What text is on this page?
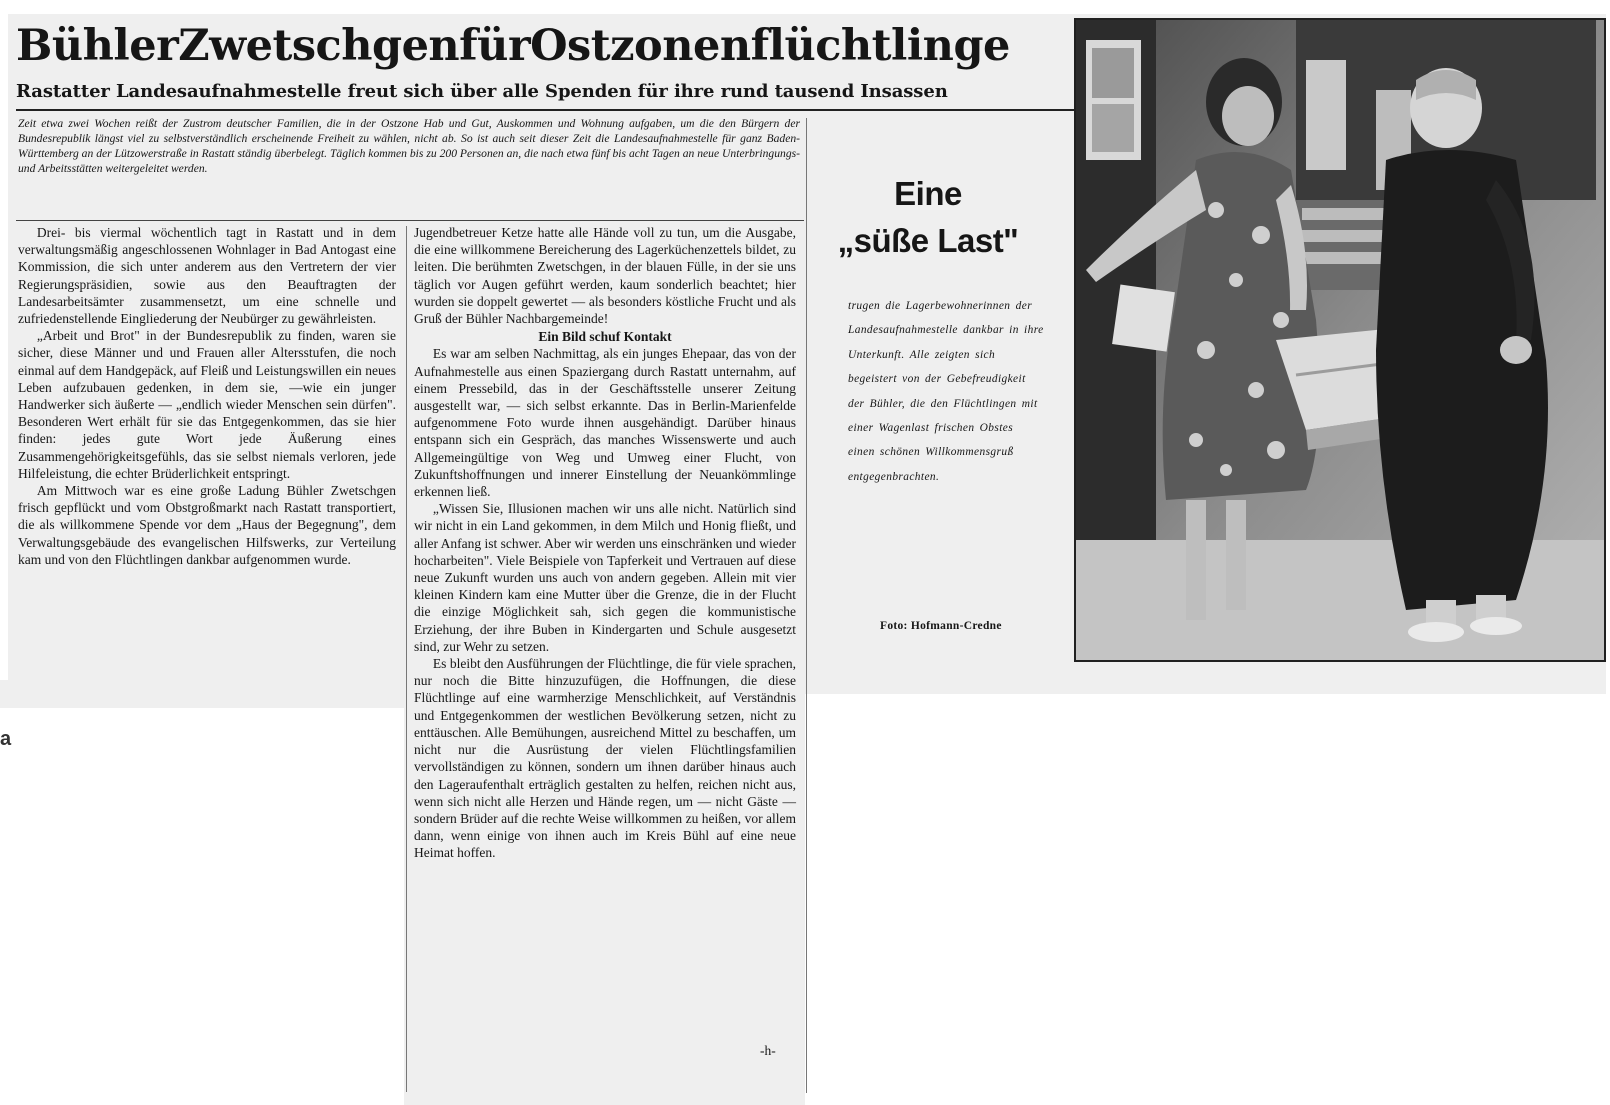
a
BühlerZwetschgenfürOstzonenflüchtlinge
Rastatter Landesaufnahmestelle freut sich über alle Spenden für ihre rund tausend Insassen

Zeit etwa zwei Wochen reißt der Zustrom deutscher Familien, die in der Ostzone Hab und Gut, Auskommen und Wohnung aufgaben, um die den Bürgern der Bundesrepublik längst viel zu selbstverständlich erscheinende Freiheit zu wählen, nicht ab. So ist auch seit dieser Zeit die Landesaufnahmestelle für ganz Baden-Württemberg an der Lützowerstraße in Rastatt ständig überbelegt. Täglich kommen bis zu 200 Personen an, die nach etwa fünf bis acht Tagen an neue Unterbringungs- und Arbeitsstätten weitergeleitet werden.

Drei- bis viermal wöchentlich tagt in Rastatt und in dem verwaltungsmäßig angeschlossenen Wohnlager in Bad Antogast eine Kommission, die sich unter anderem aus den Vertretern der vier Regierungspräsidien, sowie aus den Beauftragten der Landesarbeitsämter zusammensetzt, um eine schnelle und zufriedenstellende Eingliederung der Neubürger zu gewährleisten.

„Arbeit und Brot" in der Bundesrepublik zu finden, waren sie sicher, diese Männer und und Frauen aller Altersstufen, die noch einmal auf dem Handgepäck, auf Fleiß und Leistungswillen ein neues Leben aufzubauen gedenken, in dem sie, —wie ein junger Handwerker sich äußerte — „endlich wieder Menschen sein dürfen". Besonderen Wert erhält für sie das Entgegenkommen, das sie hier finden: jedes gute Wort jede Äußerung eines Zusammengehörigkeitsgefühls, das sie selbst niemals verloren, jede Hilfeleistung, die echter Brüderlichkeit entspringt.

Am Mittwoch war es eine große Ladung Bühler Zwetschgen frisch gepflückt und vom Obstgroßmarkt nach Rastatt transportiert, die als willkommene Spende vor dem „Haus der Begegnung", dem Verwaltungsgebäude des evangelischen Hilfswerks, zur Verteilung kam und von den Flüchtlingen dankbar aufgenommen wurde.

Jugendbetreuer Ketze hatte alle Hände voll zu tun, um die Ausgabe, die eine willkommene Bereicherung des Lagerküchenzettels bildet, zu leiten. Die berühmten Zwetschgen, in der blauen Fülle, in der sie uns täglich vor Augen geführt werden, kaum sonderlich beachtet; hier wurden sie doppelt gewertet — als besonders köstliche Frucht und als Gruß der Bühler Nachbargemeinde!

Ein Bild schuf Kontakt

Es war am selben Nachmittag, als ein junges Ehepaar, das von der Aufnahmestelle aus einen Spaziergang durch Rastatt unternahm, auf einem Pressebild, das in der Geschäftsstelle unserer Zeitung ausgestellt war, — sich selbst erkannte. Das in Berlin-Marienfelde aufgenommene Foto wurde ihnen ausgehändigt. Darüber hinaus entspann sich ein Gespräch, das manches Wissenswerte und auch Allgemeingültige von Weg und Umweg einer Flucht, von Zukunftshoffnungen und innerer Einstellung der Neuankömmlinge erkennen ließ.

„Wissen Sie, Illusionen machen wir uns alle nicht. Natürlich sind wir nicht in ein Land gekommen, in dem Milch und Honig fließt, und aller Anfang ist schwer. Aber wir werden uns einschränken und wieder hocharbeiten". Viele Beispiele von Tapferkeit und Vertrauen auf diese neue Zukunft wurden uns auch von andern gegeben. Allein mit vier kleinen Kindern kam eine Mutter über die Grenze, die in der Flucht die einzige Möglichkeit sah, sich gegen die kommunistische Erziehung, der ihre Buben in Kindergarten und Schule ausgesetzt sind, zur Wehr zu setzen.

Es bleibt den Ausführungen der Flüchtlinge, die für viele sprachen, nur noch die Bitte hinzuzufügen, die Hoffnungen, die diese Flüchtlinge auf eine warmherzige Menschlichkeit, auf Verständnis und Entgegenkommen der westlichen Bevölkerung setzen, nicht zu enttäuschen. Alle Bemühungen, ausreichend Mittel zu beschaffen, um nicht nur die Ausrüstung der vielen Flüchtlingsfamilien vervollständigen zu können, sondern um ihnen darüber hinaus auch den Lageraufenthalt erträglich gestalten zu helfen, reichen nicht aus, wenn sich nicht alle Herzen und Hände regen, um — nicht Gäste — sondern Brüder auf die rechte Weise willkommen zu heißen, vor allem dann, wenn einige von ihnen auch im Kreis Bühl auf eine neue Heimat hoffen.

-h-
Eine
„süße Last"

trugen die Lagerbewohnerinnen der Landesaufnahmestelle dankbar in ihre Unterkunft. Alle zeigten sich begeistert von der Gebefreudigkeit der Bühler, die den Flüchtlingen mit einer Wagenlast frischen Obstes einen schönen Willkommensgruß entgegenbrachten.

Foto: Hofmann-Credne
